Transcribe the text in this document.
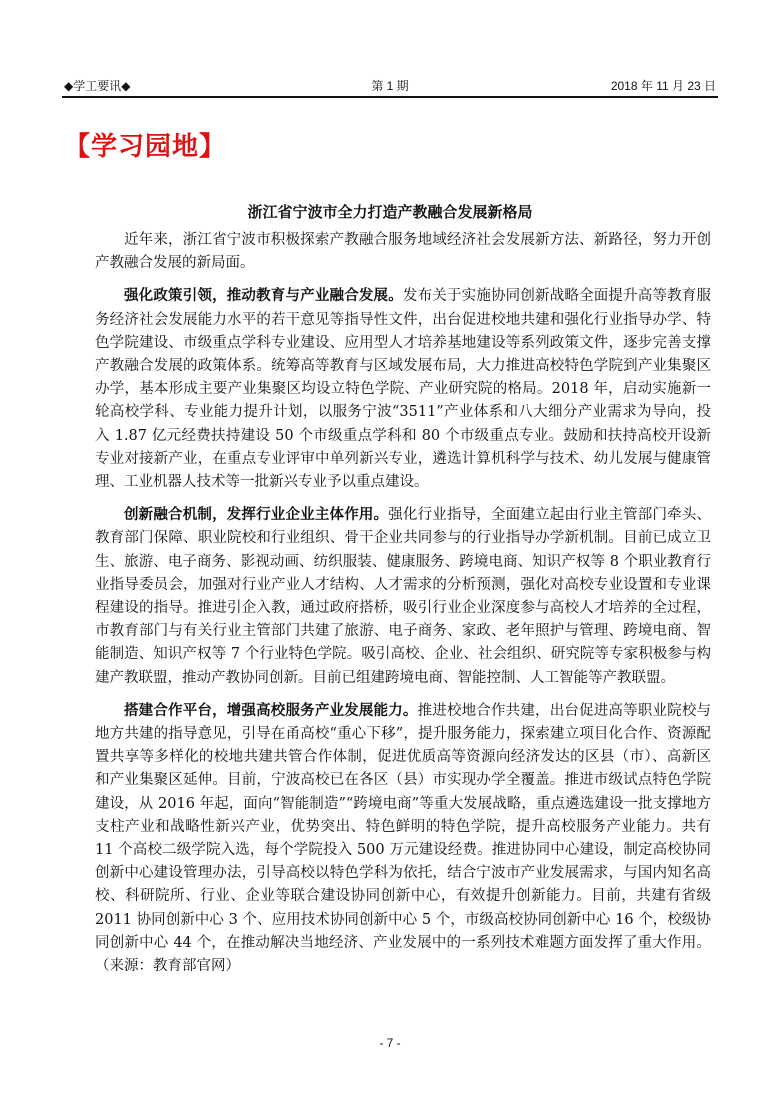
◆学工要讯◆	第 1 期	2018 年 11 月 23 日
【学习园地】
浙江省宁波市全力打造产教融合发展新格局

近年来，浙江省宁波市积极探索产教融合服务地域经济社会发展新方法、新路径，努力开创产教融合发展的新局面。

强化政策引领，推动教育与产业融合发展。发布关于实施协同创新战略全面提升高等教育服务经济社会发展能力水平的若干意见等指导性文件，出台促进校地共建和强化行业指导办学、特色学院建设、市级重点学科专业建设、应用型人才培养基地建设等系列政策文件，逐步完善支撑产教融合发展的政策体系。统筹高等教育与区域发展布局，大力推进高校特色学院到产业集聚区办学，基本形成主要产业集聚区均设立特色学院、产业研究院的格局。2018 年，启动实施新一轮高校学科、专业能力提升计划，以服务宁波“3511”产业体系和八大细分产业需求为导向，投入 1.87 亿元经费扶持建设 50 个市级重点学科和 80 个市级重点专业。鼓励和扶持高校开设新专业对接新产业，在重点专业评审中单列新兴专业，遴选计算机科学与技术、幼儿发展与健康管理、工业机器人技术等一批新兴专业予以重点建设。

创新融合机制，发挥行业企业主体作用。强化行业指导，全面建立起由行业主管部门牵头、教育部门保障、职业院校和行业组织、骨干企业共同参与的行业指导办学新机制。目前已成立卫生、旅游、电子商务、影视动画、纺织服装、健康服务、跨境电商、知识产权等 8 个职业教育行业指导委员会，加强对行业产业人才结构、人才需求的分析预测，强化对高校专业设置和专业课程建设的指导。推进引企入教，通过政府搭桥，吸引行业企业深度参与高校人才培养的全过程，市教育部门与有关行业主管部门共建了旅游、电子商务、家政、老年照护与管理、跨境电商、智能制造、知识产权等 7 个行业特色学院。吸引高校、企业、社会组织、研究院等专家积极参与构建产教联盟，推动产教协同创新。目前已组建跨境电商、智能控制、人工智能等产教联盟。

搭建合作平台，增强高校服务产业发展能力。推进校地合作共建，出台促进高等职业院校与地方共建的指导意见，引导在甬高校“重心下移”，提升服务能力，探索建立项目化合作、资源配置共享等多样化的校地共建共管合作体制，促进优质高等资源向经济发达的区县（市）、高新区和产业集聚区延伸。目前，宁波高校已在各区（县）市实现办学全覆盖。推进市级试点特色学院建设，从 2016 年起，面向“智能制造”“跨境电商”等重大发展战略，重点遴选建设一批支撑地方支柱产业和战略性新兴产业，优势突出、特色鲜明的特色学院，提升高校服务产业能力。共有 11 个高校二级学院入选，每个学院投入 500 万元建设经费。推进协同中心建设，制定高校协同创新中心建设管理办法，引导高校以特色学科为依托，结合宁波市产业发展需求，与国内知名高校、科研院所、行业、企业等联合建设协同创新中心，有效提升创新能力。目前，共建有省级 2011 协同创新中心 3 个、应用技术协同创新中心 5 个，市级高校协同创新中心 16 个，校级协同创新中心 44 个，在推动解决当地经济、产业发展中的一系列技术难题方面发挥了重大作用。（来源：教育部官网）

- 7 -
